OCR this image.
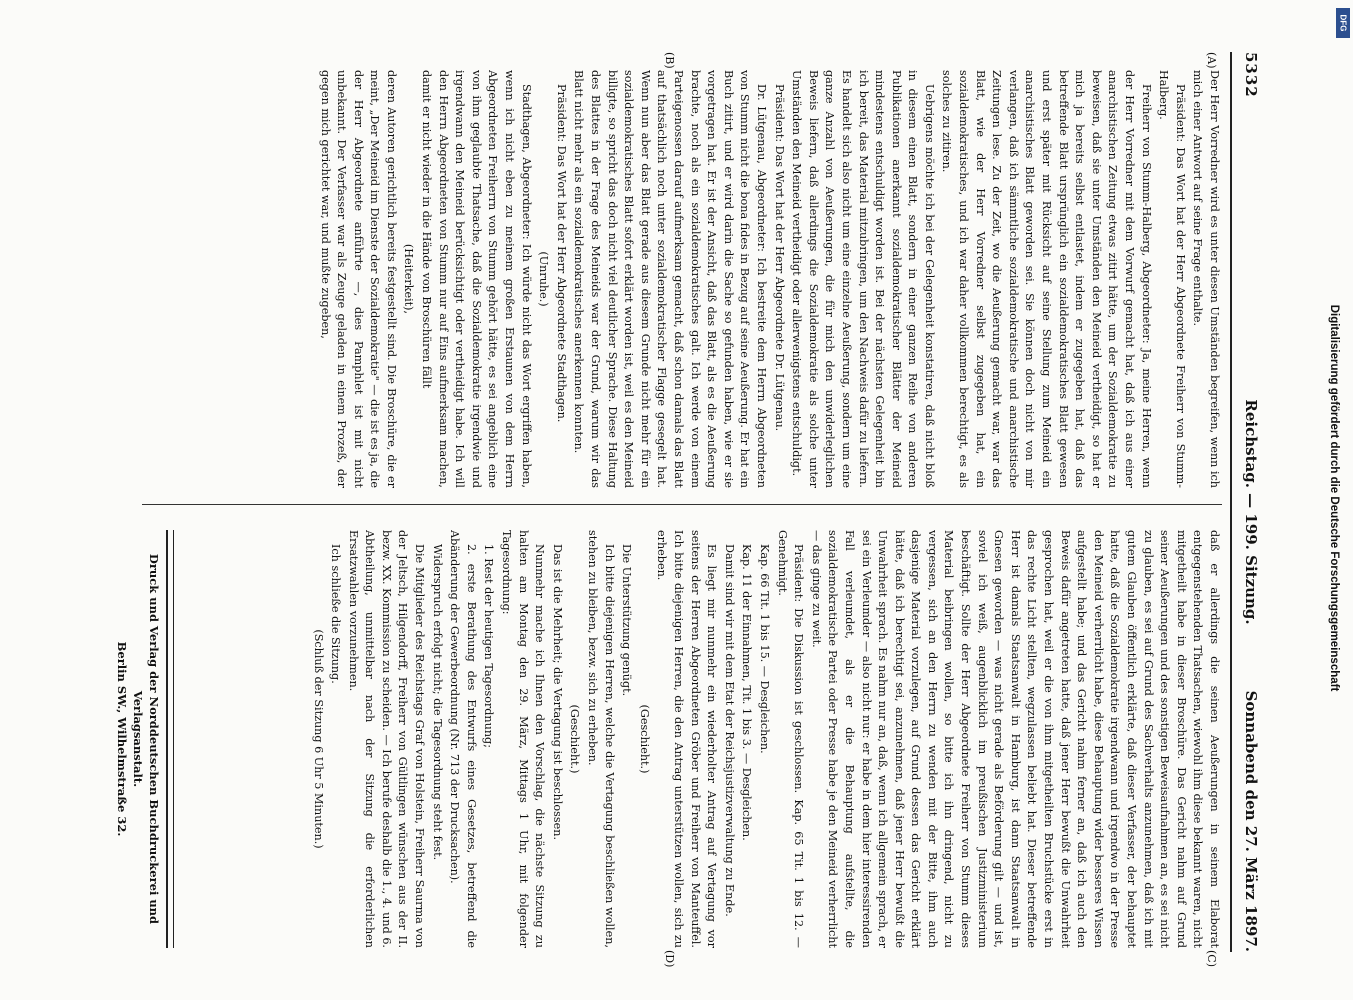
5332
Reichstag. — 199. Sitzung.
Sonnabend den 27. März 1897.
(A)
(B)
(C)
(D)

Der Herr Vorredner wird es unter diesen Umständen begreifen, wenn ich mich einer Antwort auf seine Frage enthalte.

Präsident: Das Wort hat der Herr Abgeordnete Freiherr von Stumm-Halberg.

Freiherr von Stumm-Halberg, Abgeordneter: Ja, meine Herren, wenn der Herr Vorredner mit dem Vorwurf gemacht hat, daß ich aus einer anarchistischen Zeitung etwas zitirt hätte, um der Sozialdemokratie zu beweisen, daß sie unter Umständen den Meineid vertheidigt, so hat er mich ja bereits selbst entlastet, indem er zugegeben hat, daß das betreffende Blatt ursprünglich ein sozialdemokratisches Blatt gewesen und erst später mit Rücksicht auf seine Stellung zum Meineid ein anarchistisches Blatt geworden sei. Sie können doch nicht von mir verlangen, daß ich sämmtliche sozialdemokratische und anarchistische Zeitungen lese. Zu der Zeit, wo die Aeußerung gemacht war, war das Blatt, wie der Herr Vorredner selbst zugegeben hat, ein sozialdemokratisches, und ich war daher vollkommen berechtigt, es als solches zu zitiren.

Uebrigens möchte ich bei der Gelegenheit konstatiren, daß nicht bloß in diesem einen Blatt, sondern in einer ganzen Reihe von anderen Publikationen anerkannt sozialdemokratischer Blätter der Meineid mindestens entschuldigt worden ist. Bei der nächsten Gelegenheit bin ich bereit, das Material mitzubringen, um den Nachweis dafür zu liefern. Es handelt sich also nicht um eine einzelne Aeußerung, sondern um eine ganze Anzahl von Aeußerungen, die für mich den unwiderleglichen Beweis liefern, daß allerdings die Sozialdemokratie als solche unter Umständen den Meineid vertheidigt oder allerwenigstens entschuldigt.

Präsident: Das Wort hat der Herr Abgeordnete Dr. Lütgenau.

Dr. Lütgenau, Abgeordneter: Ich bestreite dem Herrn Abgeordneten von Stumm nicht die bona fides in Bezug auf seine Aeußerung. Er hat ein Buch zitirt, und er wird darin die Sache so gefunden haben, wie er sie vorgetragen hat. Er ist der Ansicht, daß das Blatt, als es die Aeußerung brachte, noch als ein sozialdemokratisches galt. Ich werde von einem Parteigenossen darauf aufmerksam gemacht, daß schon damals das Blatt auf thatsächlich noch unter sozialdemokratischer Flagge gesegelt hat. Wenn nun aber das Blatt gerade aus diesem Grunde nicht mehr für ein sozialdemokratisches Blatt sofort erklärt worden ist, weil es den Meineid billigte, so spricht das doch nicht viel deutlicher Sprache. Diese Haltung des Blattes in der Frage des Meineids war der Grund, warum wir das Blatt nicht mehr als ein sozialdemokratisches anerkennen konnten.

Präsident: Das Wort hat der Herr Abgeordnete Stadthagen.

(Unruhe.)

Stadthagen, Abgeordneter: Ich würde nicht das Wort ergriffen haben, wenn ich nicht eben zu meinem großen Erstaunen von dem Herrn Abgeordneten Freiherrn von Stumm gehört hätte, es sei angeblich eine von ihm geglaubte Thatsache, daß die Sozialdemokratie irgendwie und irgendwann den Meineid berücksichtigt oder vertheidigt habe. Ich will den Herrn Abgeordneten von Stumm nur auf Eins aufmerksam machen, damit er nicht wieder in die Hände von Broschüren fällt

(Heiterkeit),

deren Autoren gerichtlich bereits festgestellt sind. Die Broschüre, die er meint, „Der Meineid im Dienste der Sozialdemokratie" — die ist es ja, die der Herr Abgeordnete anführte —, dies Pamphlet ist mit nicht unbekannt. Der Verfasser war als Zeuge geladen in einem Prozeß, der gegen mich gerichtet war, und mußte zugeben,

daß er allerdings die seinen Aeußerungen in seinem Elaborat entgegenstehenden Thatsachen, wiewohl ihm diese bekannt waren, nicht mitgetheilt habe in dieser Broschüre. Das Gericht nahm auf Grund seiner Aeußerungen und des sonstigen Beweisaufnahmen an, es sei nicht zu glauben, es sei auf Grund des Sachverhalts anzunehmen, daß ich mit gutem Glauben öffentlich erklärte, daß dieser Verfasser, der behauptet hatte, daß die Sozialdemokratie irgendwann und irgendwo in der Presse den Meineid verherrlicht habe, diese Behauptung wider besseres Wissen aufgestellt habe; und das Gericht nahm ferner an, daß ich auch den Beweis dafür angetreten hatte, daß jener Herr bewußt die Unwahrheit gesprochen hat, weil er die von ihm mitgetheilten Bruchstücke erst in das rechte Licht stellten, wegzulassen beliebt hat. Dieser betreffende Herr ist damals Staatsanwalt in Hamburg, ist dann Staatsanwalt in Gnesen geworden — was nicht gerade als Beförderung gilt — und ist, soviel ich weiß, augenblicklich im preußischen Justizministerium beschäftigt. Sollte der Herr Abgeordnete Freiherr von Stumm dieses Material beibringen wollen, so bitte ich ihn dringend, nicht zu vergessen, sich an den Herrn zu wenden mit der Bitte, ihm auch dasjenige Material vorzulegen, auf Grund dessen das Gericht erklärt hätte, daß ich berechtigt sei, anzunehmen, daß jener Herr bewußt die Unwahrheit sprach. Es nahm nur an, daß, wenn ich allgemein sprach, er sei ein Verleumder — also nicht nur: er habe in dem hier interessirenden Fall verleumdet, als er die Behauptung aufstellte, die sozialdemokratische Partei oder Presse habe je den Meineid verherrlicht — das ginge zu weit.

Präsident: Die Diskussion ist geschlossen. Kap. 65 Tit. 1 bis 12. — Genehmigt.

Kap. 66 Tit. 1 bis 15. — Desgleichen.

Kap. 11 der Einnahmen, Tit. 1 bis 3. — Desgleichen.

Damit sind wir mit dem Etat der Reichsjustizverwaltung zu Ende.

Es liegt mir nunmehr ein wiederholter Antrag auf Vertagung vor seitens der Herren Abgeordneten Gröber und Freiherr von Manteuffel. Ich bitte diejenigen Herren, die den Antrag unterstützen wollen, sich zu erheben.

(Geschieht.)

Die Unterstützung genügt.

Ich bitte diejenigen Herren, welche die Vertagung beschließen wollen, stehen zu bleiben, bezw. sich zu erheben.

(Geschieht.)

Das ist die Mehrheit; die Vertagung ist beschlossen.

Nunmehr mache ich Ihnen den Vorschlag, die nächste Sitzung zu halten am Montag den 29. März, Mittags 1 Uhr, mit folgender Tagesordnung:

1. Rest der heutigen Tagesordnung;

2. erste Berathung des Entwurfs eines Gesetzes, betreffend die Abänderung der Gewerbeordnung (Nr. 713 der Drucksachen).

Widerspruch erfolgt nicht; die Tagesordnung steht fest.

Die Mitglieder des Reichstags Graf von Holstein, Freiherr Saurma von der Jeltsch, Hilgendorff, Freiherr von Gültlingen wünschen aus der II. bezw. XX. Kommission zu scheiden. — Ich berufe deshalb die 1., 4. und 6. Abtheilung, unmittelbar nach der Sitzung die erforderlichen Ersatzwahlen vorzunehmen.

Ich schließe die Sitzung.

(Schluß der Sitzung 6 Uhr 5 Minuten.)

Druck und Verlag der Norddeutschen Buchdruckerei und Verlagsanstalt.
Berlin SW., Wilhelmstraße 32.
Digitalisierung gefördert durch die Deutsche Forschungsgemeinschaft
DFG
